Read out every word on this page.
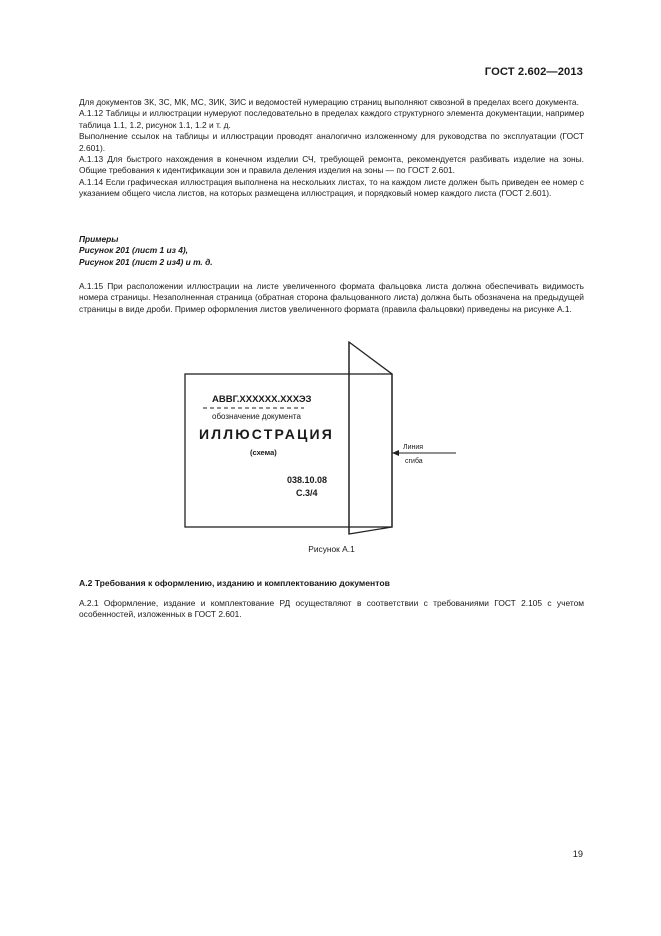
ГОСТ 2.602—2013

Для документов ЗК, ЗС, МК, МС, ЗИК, ЗИС и ведомостей нумерацию страниц выполняют сквозной в пределах всего документа.

А.1.12 Таблицы и иллюстрации нумеруют последовательно в пределах каждого структурного элемента документации, например таблица 1.1, 1.2, рисунок 1.1, 1.2 и т. д.

Выполнение ссылок на таблицы и иллюстрации проводят аналогично изложенному для руководства по эксплуатации (ГОСТ 2.601).

А.1.13 Для быстрого нахождения в конечном изделии СЧ, требующей ремонта, рекомендуется разбивать изделие на зоны. Общие требования к идентификации зон и правила деления изделия на зоны — по ГОСТ 2.601.

А.1.14 Если графическая иллюстрация выполнена на нескольких листах, то на каждом листе должен быть приведен ее номер с указанием общего числа листов, на которых размещена иллюстрация, и порядковый номер каждого листа (ГОСТ 2.601).

Примеры

Рисунок 201 (лист 1 из 4),

Рисунок 201 (лист 2 из4) и т. д.

А.1.15 При расположении иллюстрации на листе увеличенного формата фальцовка листа должна обеспечивать видимость номера страницы. Незаполненная страница (обратная сторона фальцованного листа) должна быть обозначена на предыдущей страницы в виде дроби. Пример оформления листов увеличенного формата (правила фальцовки) приведены на рисунке А.1.

АВВГ.ХХХХХХ.ХХХЭЗ
обозначение документа
ИЛЛЮСТРАЦИЯ
(схема)
038.10.08
С.3/4
Линия
сгиба
Рисунок А.1
А.2 Требования к оформлению, изданию и комплектованию документов

А.2.1 Оформление, издание и комплектование РД осуществляют в соответствии с требованиями ГОСТ 2.105 с учетом особенностей, изложенных в ГОСТ 2.601.

19
